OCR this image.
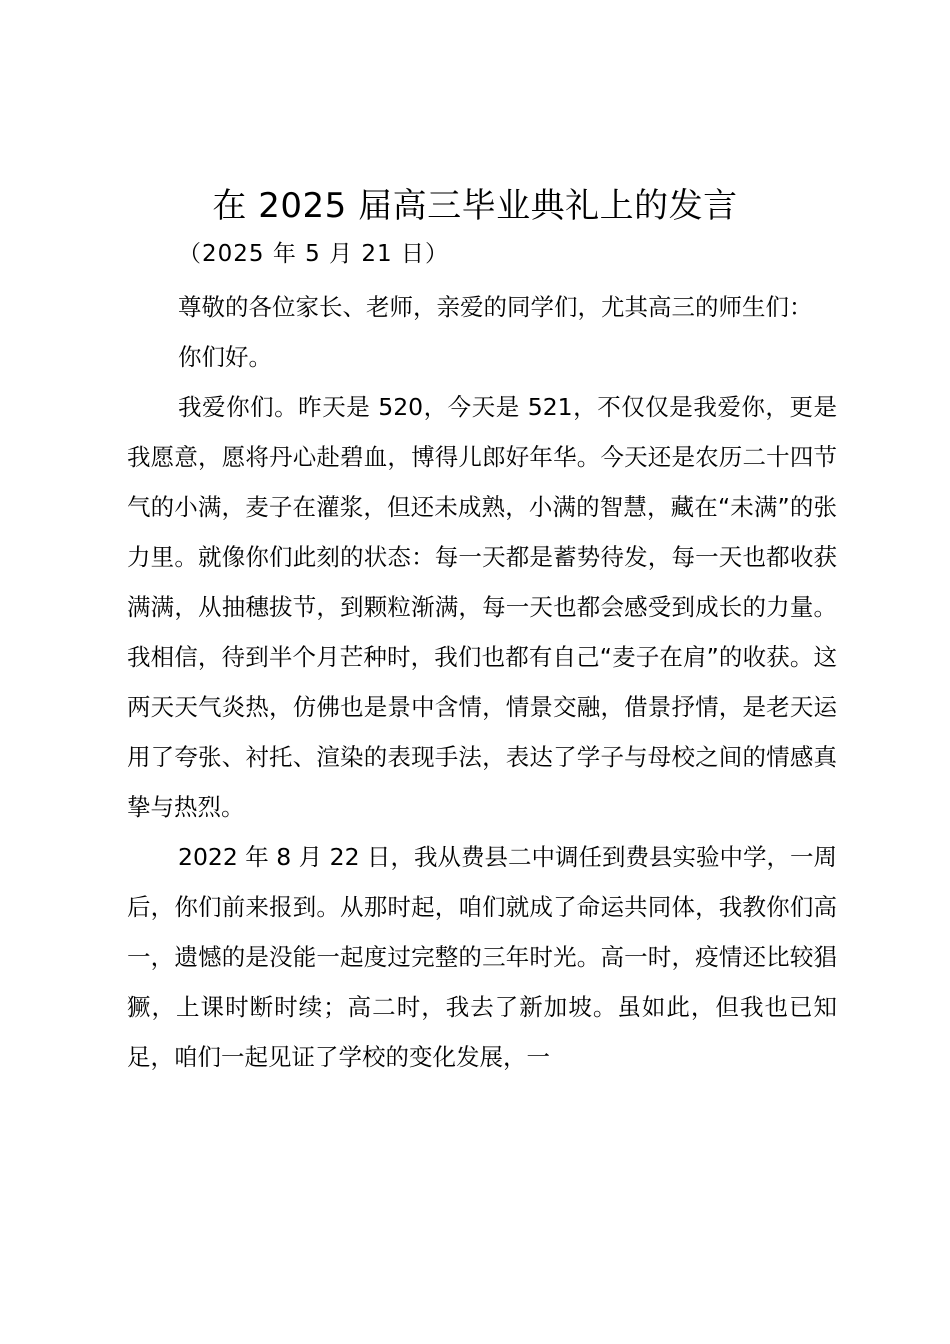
在 2025 届高三毕业典礼上的发言
（2025 年 5 月 21 日）

尊敬的各位家长、老师，亲爱的同学们，尤其高三的师生们：

你们好。

我爱你们。昨天是 520，今天是 521，不仅仅是我爱你，更是我愿意，愿将丹心赴碧血，博得儿郎好年华。今天还是农历二十四节气的小满，麦子在灌浆，但还未成熟，小满的智慧，藏在“未满”的张力里。就像你们此刻的状态：每一天都是蓄势待发，每一天也都收获满满，从抽穗拔节，到颗粒渐满，每一天也都会感受到成长的力量。我相信，待到半个月芒种时，我们也都有自己“麦子在肩”的收获。这两天天气炎热，仿佛也是景中含情，情景交融，借景抒情，是老天运用了夸张、衬托、渲染的表现手法，表达了学子与母校之间的情感真挚与热烈。

2022 年 8 月 22 日，我从费县二中调任到费县实验中学，一周后，你们前来报到。从那时起，咱们就成了命运共同体，我教你们高一，遗憾的是没能一起度过完整的三年时光。高一时，疫情还比较猖獗，上课时断时续；高二时，我去了新加坡。虽如此，但我也已知足，咱们一起见证了学校的变化发展，一
